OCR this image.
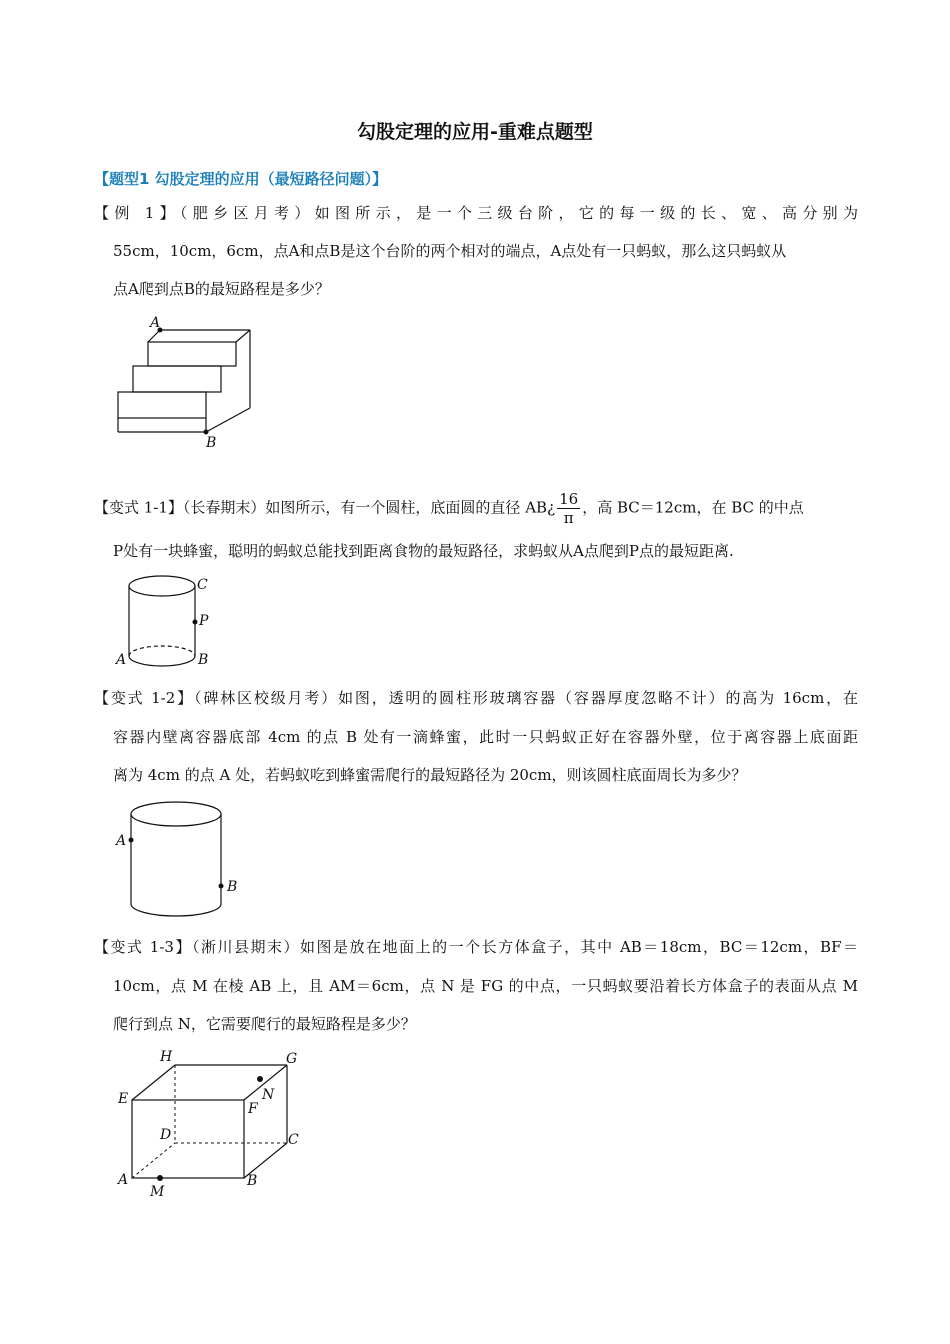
勾股定理的应用-重难点题型
【题型1 勾股定理的应用（最短路径问题）】
【例 1】（肥乡区月考）如图所示，是一个三级台阶，它的每一级的长、宽、高分别为
55cm，10cm，6cm，点A和点B是这个台阶的两个相对的端点，A点处有一只蚂蚁，那么这只蚂蚁从
点A爬到点B的最短路程是多少？
A
B
【变式 1-1】（长春期末）如图所示，有一个圆柱，底面圆的直径 AB¿ $\frac{16}{\pi}$ ，高 BC＝12cm，在 BC 的中点
P处有一块蜂蜜，聪明的蚂蚁总能找到距离食物的最短路径，求蚂蚁从A点爬到P点的最短距离.
C
P
A	B
【变式 1-2】（碑林区校级月考）如图，透明的圆柱形玻璃容器（容器厚度忽略不计）的高为 16cm，在
容器内壁离容器底部 4cm 的点 B 处有一滴蜂蜜，此时一只蚂蚁正好在容器外壁，位于离容器上底面距
离为 4cm 的点 A 处，若蚂蚁吃到蜂蜜需爬行的最短路径为 20cm，则该圆柱底面周长为多少？
A
B
【变式 1-3】（淅川县期末）如图是放在地面上的一个长方体盒子，其中 AB＝18cm，BC＝12cm，BF＝
10cm，点 M 在棱 AB 上，且 AM＝6cm，点 N 是 FG 的中点，一只蚂蚁要沿着长方体盒子的表面从点 M
爬行到点 N，它需要爬行的最短路程是多少？
H	G
E	N
F
D	C
A	B
M
